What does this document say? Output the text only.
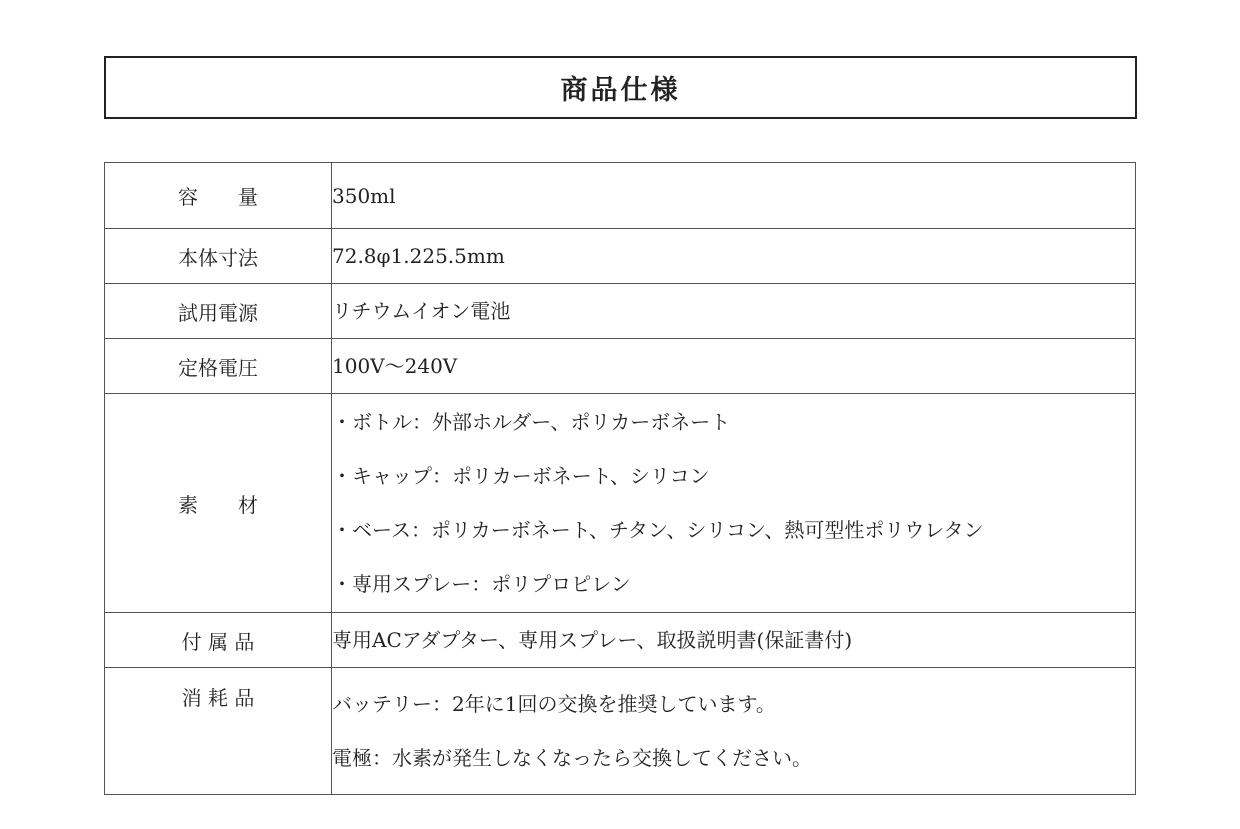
商品仕様
容　　量	350ml

本体寸法	72.8φ1.225.5mm

試用電源	リチウムイオン電池

定格電圧	100V～240V

素　　材	・ボトル：外部ホルダー、ポリカーボネート
・キャップ：ポリカーボネート、シリコン
・ベース：ポリカーボネート、チタン、シリコン、熱可型性ポリウレタン
・専用スプレー：ポリプロピレン

付 属 品	専用ACアダプター、専用スプレー、取扱説明書(保証書付)

消 耗 品	バッテリー：2年に1回の交換を推奨しています。
電極：水素が発生しなくなったら交換してください。
